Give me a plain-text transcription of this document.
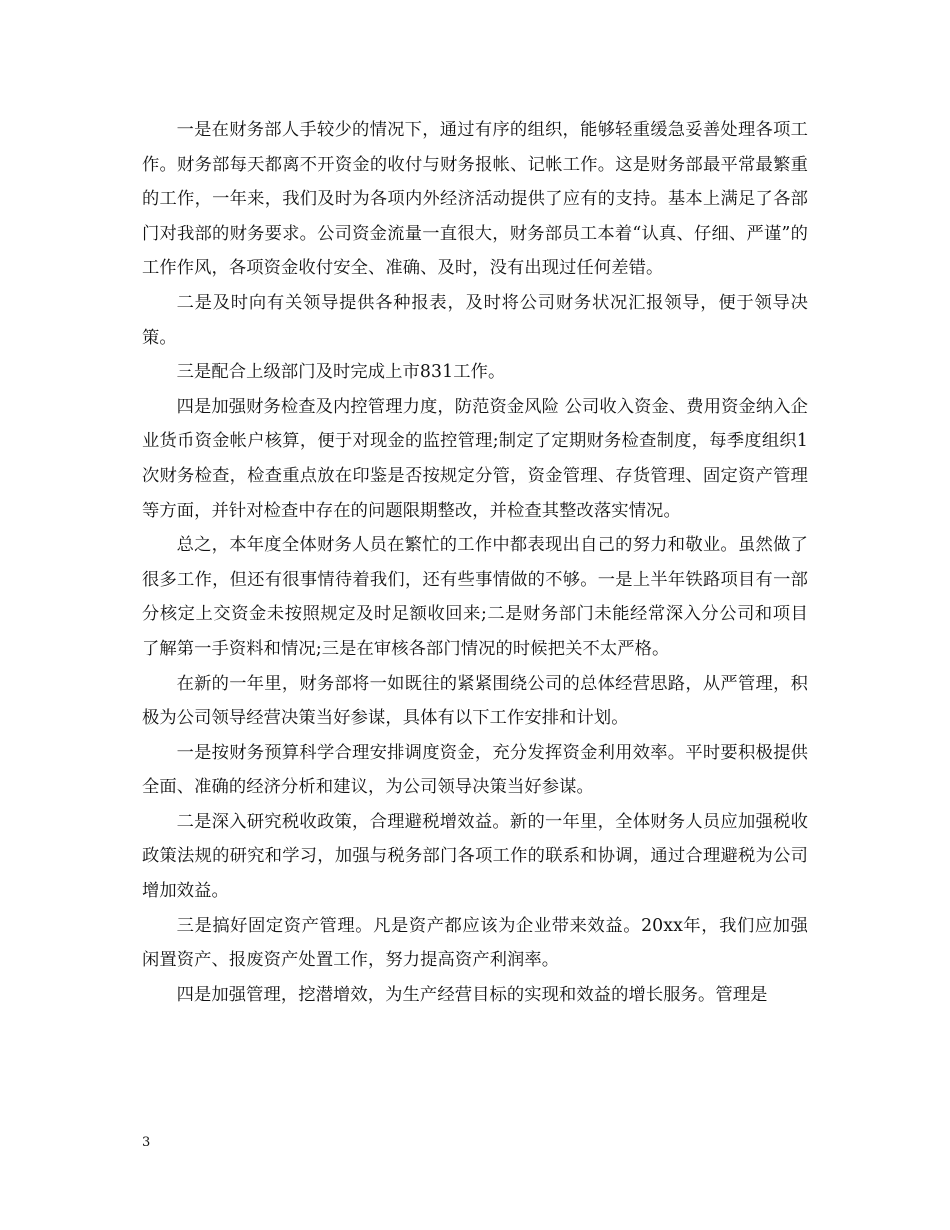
一是在财务部人手较少的情况下，通过有序的组织，能够轻重缓急妥善处理各项工作。财务部每天都离不开资金的收付与财务报帐、记帐工作。这是财务部最平常最繁重的工作，一年来，我们及时为各项内外经济活动提供了应有的支持。基本上满足了各部门对我部的财务要求。公司资金流量一直很大，财务部员工本着“认真、仔细、严谨”的工作作风，各项资金收付安全、准确、及时，没有出现过任何差错。

二是及时向有关领导提供各种报表，及时将公司财务状况汇报领导，便于领导决策。

三是配合上级部门及时完成上市831工作。

四是加强财务检查及内控管理力度，防范资金风险 公司收入资金、费用资金纳入企业货币资金帐户核算，便于对现金的监控管理;制定了定期财务检查制度，每季度组织1次财务检查，检查重点放在印鉴是否按规定分管，资金管理、存货管理、固定资产管理等方面，并针对检查中存在的问题限期整改，并检查其整改落实情况。

总之，本年度全体财务人员在繁忙的工作中都表现出自己的努力和敬业。虽然做了很多工作，但还有很事情待着我们，还有些事情做的不够。一是上半年铁路项目有一部分核定上交资金未按照规定及时足额收回来;二是财务部门未能经常深入分公司和项目了解第一手资料和情况;三是在审核各部门情况的时候把关不太严格。

在新的一年里，财务部将一如既往的紧紧围绕公司的总体经营思路，从严管理，积极为公司领导经营决策当好参谋，具体有以下工作安排和计划。

一是按财务预算科学合理安排调度资金，充分发挥资金利用效率。平时要积极提供全面、准确的经济分析和建议，为公司领导决策当好参谋。

二是深入研究税收政策，合理避税增效益。新的一年里，全体财务人员应加强税收政策法规的研究和学习，加强与税务部门各项工作的联系和协调，通过合理避税为公司增加效益。

三是搞好固定资产管理。凡是资产都应该为企业带来效益。20xx年，我们应加强闲置资产、报废资产处置工作，努力提高资产利润率。

四是加强管理，挖潜增效，为生产经营目标的实现和效益的增长服务。管理是

3
